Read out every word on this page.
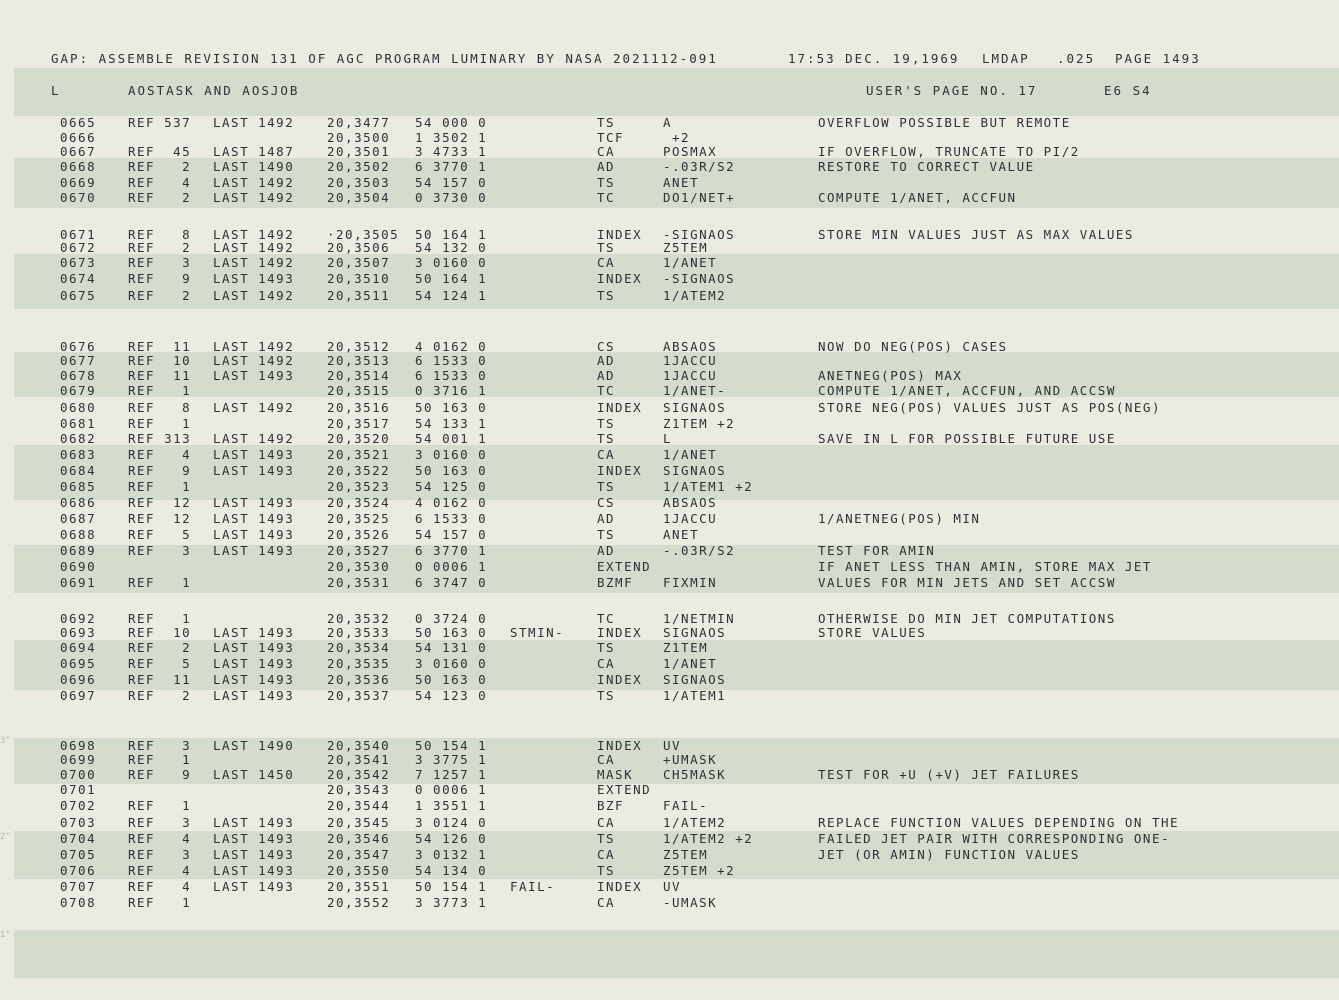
3"
2"
1"
GAP: ASSEMBLE REVISION 131 OF AGC PROGRAM LUMINARY BY NASA 2021112-091	17:53 DEC. 19,1969 LMDAP .025 PAGE 1493
L	AOSTASK AND AOSJOB	USER'S PAGE NO. 17	E6 S4
0665	REF 537 LAST 1492	20,3477 54 000 0	TS	A	OVERFLOW POSSIBLE BUT REMOTE
0666	20,3500 1 3502 1	TCF	+2
0667	REF  45 LAST 1487	20,3501 3 4733 1	CA	POSMAX	IF OVERFLOW, TRUNCATE TO PI/2
0668	REF   2 LAST 1490	20,3502 6 3770 1	AD	-.03R/S2	RESTORE TO CORRECT VALUE
0669	REF   4 LAST 1492	20,3503 54 157 0	TS	ANET
0670	REF   2 LAST 1492	20,3504 0 3730 0	TC	DO1/NET+	COMPUTE 1/ANET, ACCFUN
0671	REF   8 LAST 1492	·20,3505 50 164 1	INDEX -SIGNAOS	STORE MIN VALUES JUST AS MAX VALUES
0672	REF   2 LAST 1492	20,3506 54 132 0	TS	Z5TEM
0673	REF   3 LAST 1492	20,3507 3 0160 0	CA	1/ANET
0674	REF   9 LAST 1493	20,3510 50 164 1	INDEX -SIGNAOS
0675	REF   2 LAST 1492	20,3511 54 124 1	TS	1/ATEM2
0676	REF  11 LAST 1492	20,3512 4 0162 0	CS	ABSAOS	NOW DO NEG(POS) CASES
0677	REF  10 LAST 1492	20,3513 6 1533 0	AD	1JACCU
0678	REF  11 LAST 1493	20,3514 6 1533 0	AD	1JACCU	ANETNEG(POS) MAX
0679	REF   1	20,3515 0 3716 1	TC	1/ANET-	COMPUTE 1/ANET, ACCFUN, AND ACCSW
0680	REF   8 LAST 1492	20,3516 50 163 0	INDEX SIGNAOS	STORE NEG(POS) VALUES JUST AS POS(NEG)
0681	REF   1	20,3517 54 133 1	TS	Z1TEM +2
0682	REF 313 LAST 1492	20,3520 54 001 1	TS	L	SAVE IN L FOR POSSIBLE FUTURE USE
0683	REF   4 LAST 1493	20,3521 3 0160 0	CA	1/ANET
0684	REF   9 LAST 1493	20,3522 50 163 0	INDEX SIGNAOS
0685	REF   1	20,3523 54 125 0	TS	1/ATEM1 +2
0686	REF  12 LAST 1493	20,3524 4 0162 0	CS	ABSAOS
0687	REF  12 LAST 1493	20,3525 6 1533 0	AD	1JACCU	1/ANETNEG(POS) MIN
0688	REF   5 LAST 1493	20,3526 54 157 0	TS	ANET
0689	REF   3 LAST 1493	20,3527 6 3770 1	AD	-.03R/S2	TEST FOR AMIN
0690	20,3530 0 0006 1	EXTEND	IF ANET LESS THAN AMIN, STORE MAX JET
0691	REF   1	20,3531 6 3747 0	BZMF FIXMIN	VALUES FOR MIN JETS AND SET ACCSW
0692	REF   1	20,3532 0 3724 0	TC	1/NETMIN	OTHERWISE DO MIN JET COMPUTATIONS
0693	REF  10 LAST 1493	20,3533 50 163 0 STMIN-	INDEX SIGNAOS	STORE VALUES
0694	REF   2 LAST 1493	20,3534 54 131 0	TS	Z1TEM
0695	REF   5 LAST 1493	20,3535 3 0160 0	CA	1/ANET
0696	REF  11 LAST 1493	20,3536 50 163 0	INDEX SIGNAOS
0697	REF   2 LAST 1493	20,3537 54 123 0	TS	1/ATEM1
0698	REF   3 LAST 1490	20,3540 50 154 1	INDEX UV
0699	REF   1	20,3541 3 3775 1	CA	+UMASK
0700	REF   9 LAST 1450	20,3542 7 1257 1	MASK CH5MASK	TEST FOR +U (+V) JET FAILURES
0701	20,3543 0 0006 1	EXTEND
0702	REF   1	20,3544 1 3551 1	BZF	FAIL-
0703	REF   3 LAST 1493	20,3545 3 0124 0	CA	1/ATEM2	REPLACE FUNCTION VALUES DEPENDING ON THE
0704	REF   4 LAST 1493	20,3546 54 126 0	TS	1/ATEM2 +2	FAILED JET PAIR WITH CORRESPONDING ONE-
0705	REF   3 LAST 1493	20,3547 3 0132 1	CA	Z5TEM	JET (OR AMIN) FUNCTION VALUES
0706	REF   4 LAST 1493	20,3550 54 134 0	TS	Z5TEM +2
0707	REF   4 LAST 1493	20,3551 50 154 1 FAIL-	INDEX UV
0708	REF   1	20,3552 3 3773 1	CA	-UMASK
